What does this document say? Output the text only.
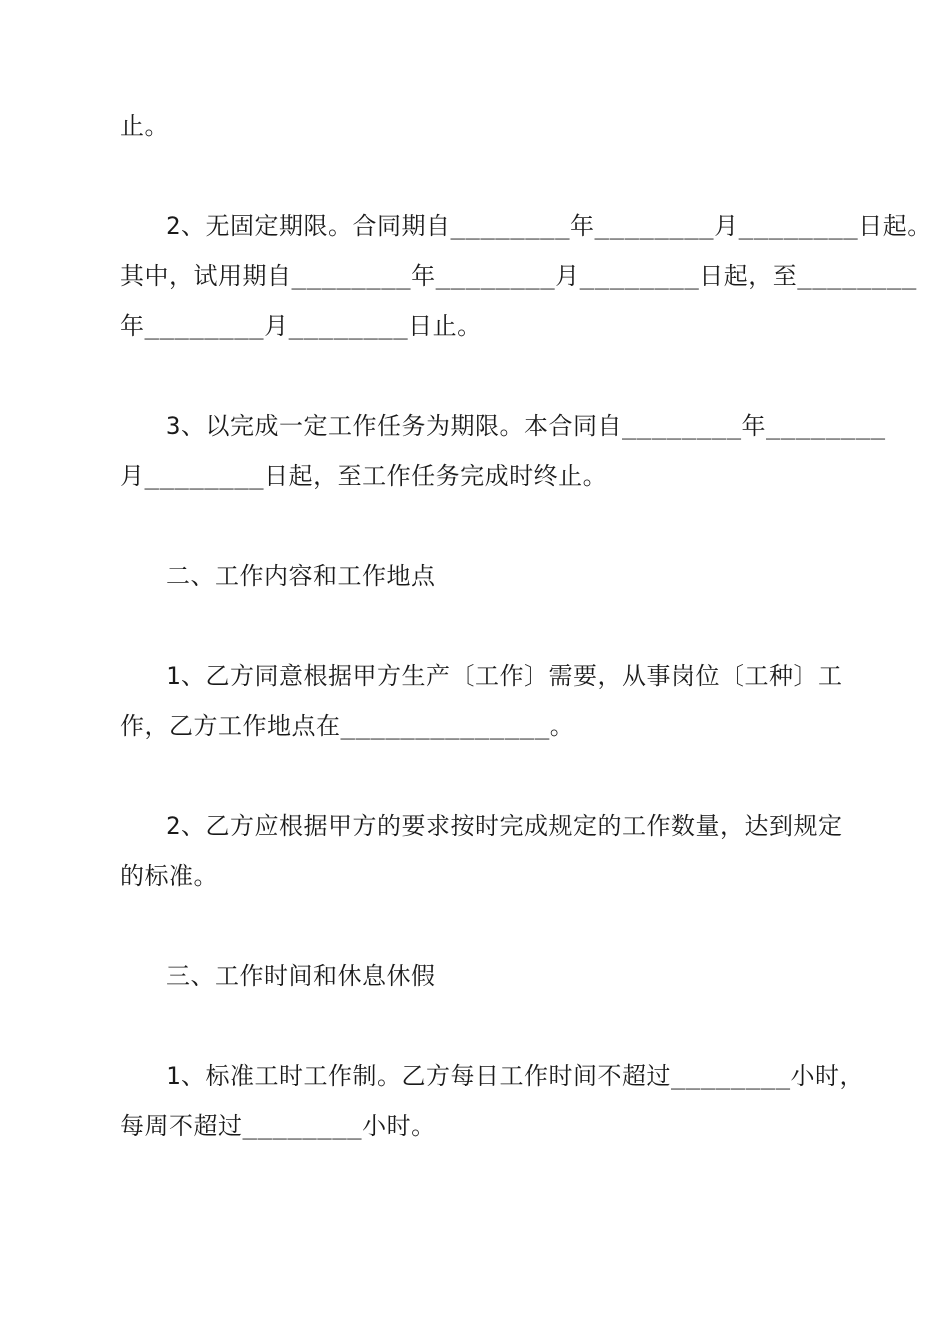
止。
2、无固定期限。合同期自________年________月________日起。
其中，试用期自________年________月________日起，至________
年________月________日止。
3、以完成一定工作任务为期限。本合同自________年________
月________日起，至工作任务完成时终止。
二、工作内容和工作地点
1、乙方同意根据甲方生产〔工作〕需要，从事岗位〔工种〕工
作，乙方工作地点在______________。
2、乙方应根据甲方的要求按时完成规定的工作数量，达到规定
的标准。
三、工作时间和休息休假
1、标准工时工作制。乙方每日工作时间不超过________小时，
每周不超过________小时。
